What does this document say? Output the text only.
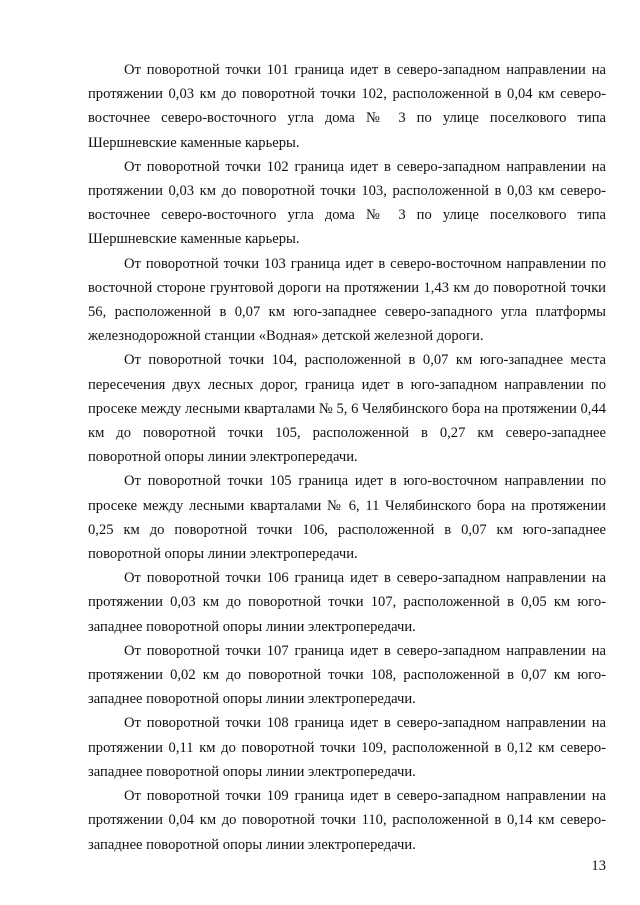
От поворотной точки 101 граница идет в северо-западном направлении на протяжении 0,03 км до поворотной точки 102, расположенной в 0,04 км северо-восточнее северо-восточного угла дома № 3 по улице поселкового типа Шершневские каменные карьеры.

От поворотной точки 102 граница идет в северо-западном направлении на протяжении 0,03 км до поворотной точки 103, расположенной в 0,03 км северо-восточнее северо-восточного угла дома № 3 по улице поселкового типа Шершневские каменные карьеры.

От поворотной точки 103 граница идет в северо-восточном направлении по восточной стороне грунтовой дороги на протяжении 1,43 км до поворотной точки 56, расположенной в 0,07 км юго-западнее северо-западного угла платформы железнодорожной станции «Водная» детской железной дороги.

От поворотной точки 104, расположенной в 0,07 км юго-западнее места пересечения двух лесных дорог, граница идет в юго-западном направлении по просеке между лесными кварталами № 5, 6 Челябинского бора на протяжении 0,44 км до поворотной точки 105, расположенной в 0,27 км северо-западнее поворотной опоры линии электропередачи.

От поворотной точки 105 граница идет в юго-восточном направлении по просеке между лесными кварталами № 6, 11 Челябинского бора на протяжении 0,25 км до поворотной точки 106, расположенной в 0,07 км юго-западнее поворотной опоры линии электропередачи.

От поворотной точки 106 граница идет в северо-западном направлении на протяжении 0,03 км до поворотной точки 107, расположенной в 0,05 км юго-западнее поворотной опоры линии электропередачи.

От поворотной точки 107 граница идет в северо-западном направлении на протяжении 0,02 км до поворотной точки 108, расположенной в 0,07 км юго-западнее поворотной опоры линии электропередачи.

От поворотной точки 108 граница идет в северо-западном направлении на протяжении 0,11 км до поворотной точки 109, расположенной в 0,12 км северо-западнее поворотной опоры линии электропередачи.

От поворотной точки 109 граница идет в северо-западном направлении на протяжении 0,04 км до поворотной точки 110, расположенной в 0,14 км северо-западнее поворотной опоры линии электропередачи.

13
